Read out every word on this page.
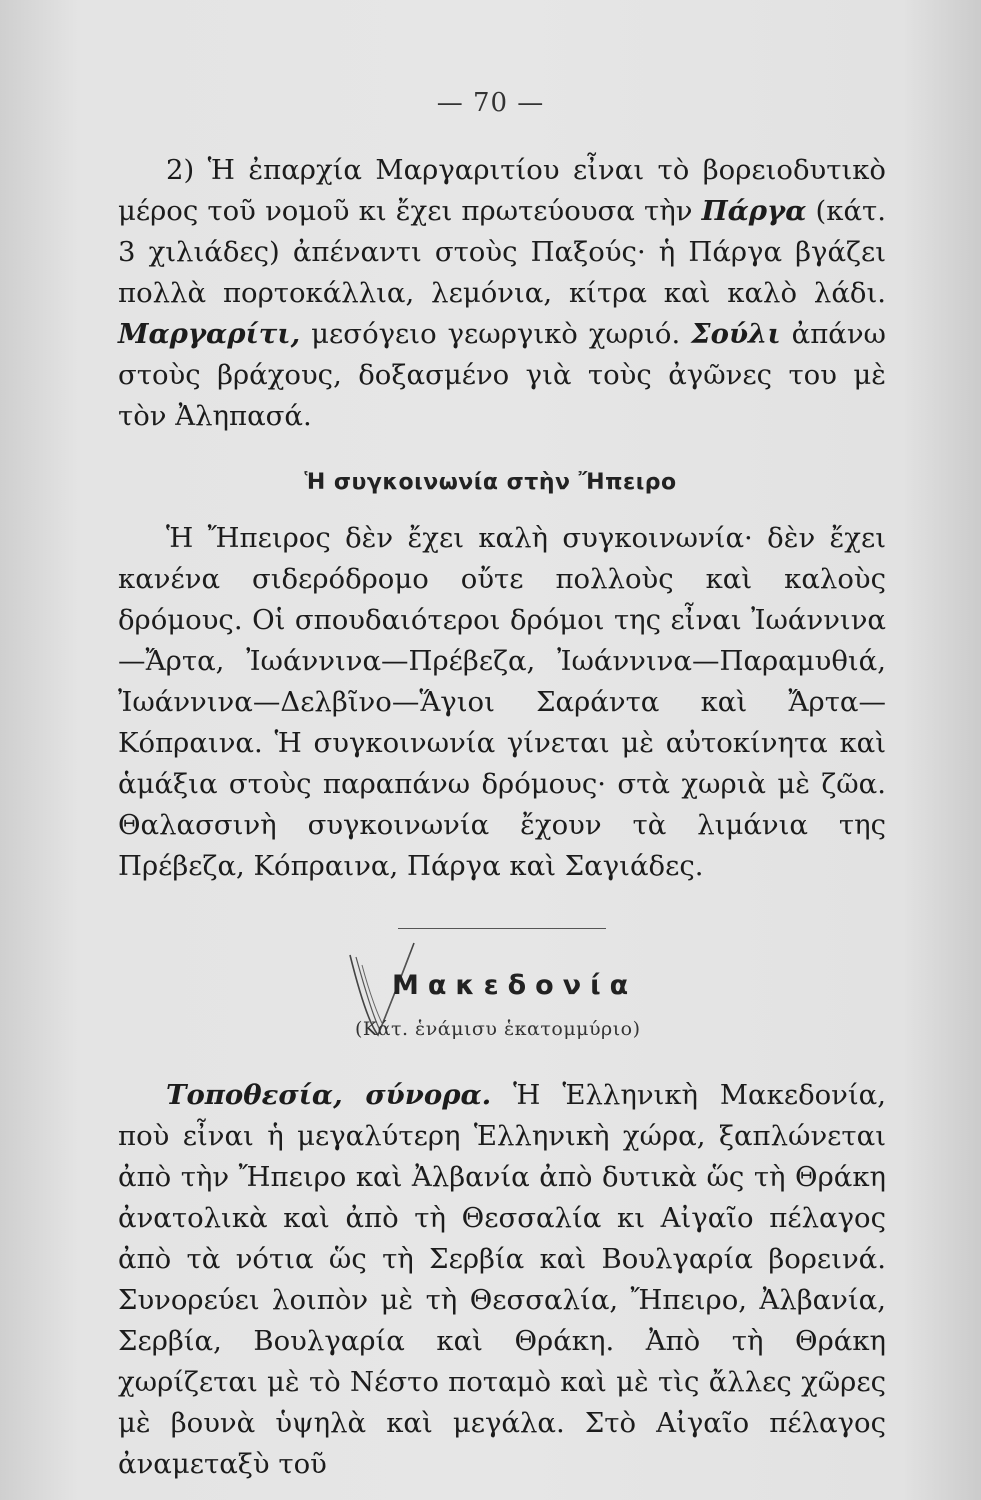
— 70 —

2) Ἡ ἐπαρχία Μαργαριτίου εἶναι τὸ βορειοδυτικὸ μέρος τοῦ νομοῦ κι ἔχει πρωτεύουσα τὴν Πάργα (κάτ. 3 χιλιάδες) ἀπέναντι στοὺς Παξούς· ἡ Πάργα βγάζει πολλὰ πορτοκάλλια, λεμόνια, κίτρα καὶ καλὸ λάδι. Μαργαρίτι, μεσόγειο γεωργικὸ χωριό. Σούλι ἀπάνω στοὺς βράχους, δοξασμένο γιὰ τοὺς ἀγῶνες του μὲ τὸν Ἀληπασά.

Ἡ συγκοινωνία στὴν Ἤπειρο

Ἡ Ἤπειρος δὲν ἔχει καλὴ συγκοινωνία· δὲν ἔχει κανένα σιδερόδρομο οὔτε πολλοὺς καὶ καλοὺς δρόμους. Οἱ σπουδαιότεροι δρόμοι της εἶναι Ἰωάννινα—Ἄρτα, Ἰωάννινα—Πρέβεζα, Ἰωάννινα—Παραμυθιά, Ἰωάννινα—Δελβῖνο—Ἅγιοι Σαράντα καὶ Ἄρτα—Κόπραινα. Ἡ συγκοινωνία γίνεται μὲ αὐτοκίνητα καὶ ἁμάξια στοὺς παραπάνω δρόμους· στὰ χωριὰ μὲ ζῶα. Θαλασσινὴ συγκοινωνία ἔχουν τὰ λιμάνια της Πρέβεζα, Κόπραινα, Πάργα καὶ Σαγιάδες.

Μακεδονία
(Κάτ. ἑνάμισυ ἑκατομμύριο)

Τοποθεσία, σύνορα. Ἡ Ἑλληνικὴ Μακεδονία, ποὺ εἶναι ἡ μεγαλύτερη Ἑλληνικὴ χώρα, ξαπλώνεται ἀπὸ τὴν Ἤπειρο καὶ Ἀλβανία ἀπὸ δυτικὰ ὥς τὴ Θράκη ἀνατολικὰ καὶ ἀπὸ τὴ Θεσσαλία κι Αἰγαῖο πέλαγος ἀπὸ τὰ νότια ὥς τὴ Σερβία καὶ Βουλγαρία βορεινά. Συνορεύει λοιπὸν μὲ τὴ Θεσσαλία, Ἤπειρο, Ἀλβανία, Σερβία, Βουλγαρία καὶ Θράκη. Ἀπὸ τὴ Θράκη χωρίζεται μὲ τὸ Νέστο ποταμὸ καὶ μὲ τὶς ἄλλες χῶρες μὲ βουνὰ ὑψηλὰ καὶ μεγάλα. Στὸ Αἰγαῖο πέλαγος ἀναμεταξὺ τοῦ
